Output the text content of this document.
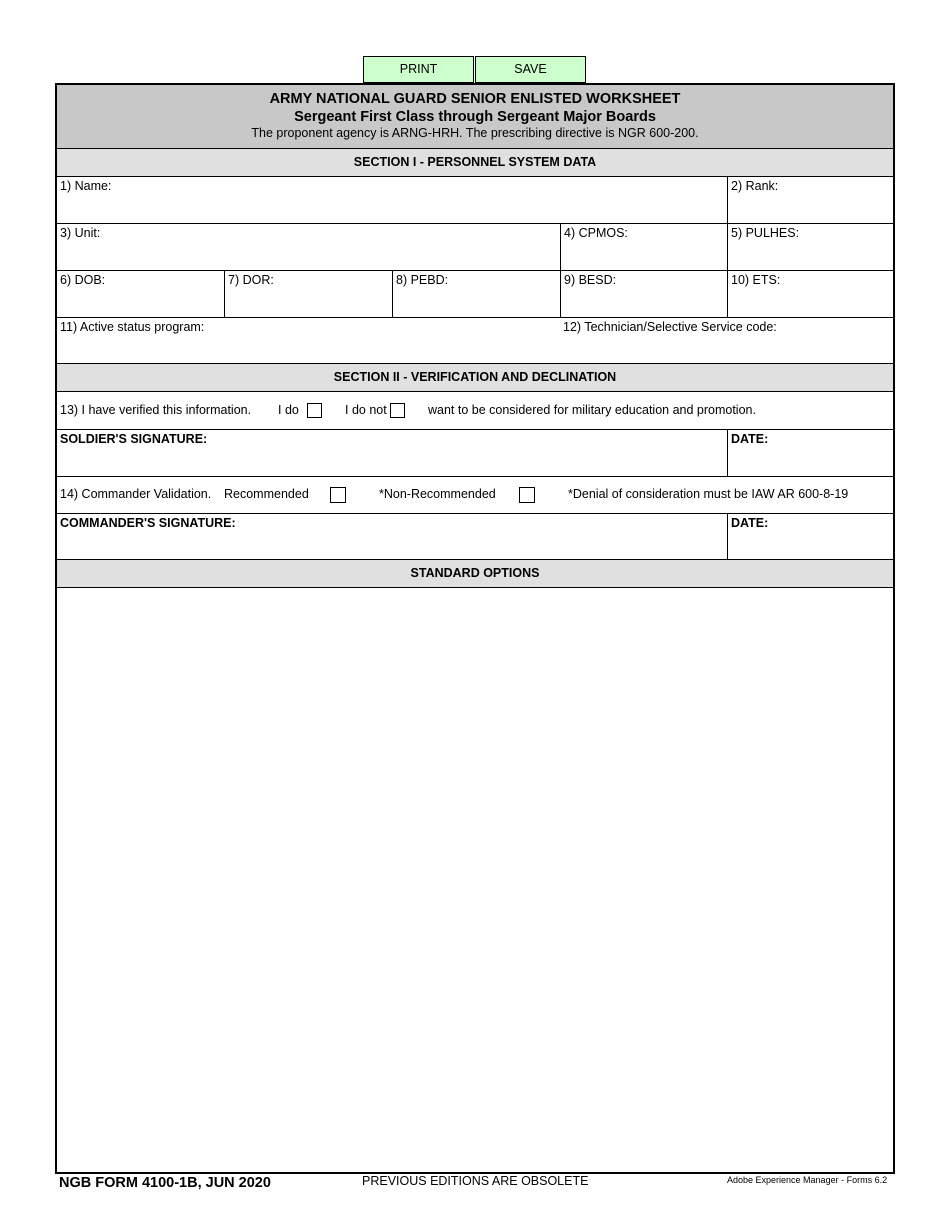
PRINT	SAVE
ARMY NATIONAL GUARD SENIOR ENLISTED WORKSHEET
Sergeant First Class through Sergeant Major Boards
The proponent agency is ARNG-HRH. The prescribing directive is NGR 600-200.
SECTION I - PERSONNEL SYSTEM DATA
1) Name:	2) Rank:
3) Unit:	4) CPMOS:	5) PULHES:
6) DOB:	7) DOR:	8) PEBD:	9) BESD:	10) ETS:
11) Active status program:	12) Technician/Selective Service code:
SECTION II - VERIFICATION AND DECLINATION
13) I have verified this information. I do	I do not	want to be considered for military education and promotion.
SOLDIER'S SIGNATURE:	DATE:
14) Commander Validation. Recommended	*Non-Recommended	*Denial of consideration must be IAW AR 600-8-19
COMMANDER'S SIGNATURE:	DATE:
STANDARD OPTIONS
NGB FORM 4100-1B, JUN 2020	PREVIOUS EDITIONS ARE OBSOLETE	Adobe Experience Manager - Forms 6.2
